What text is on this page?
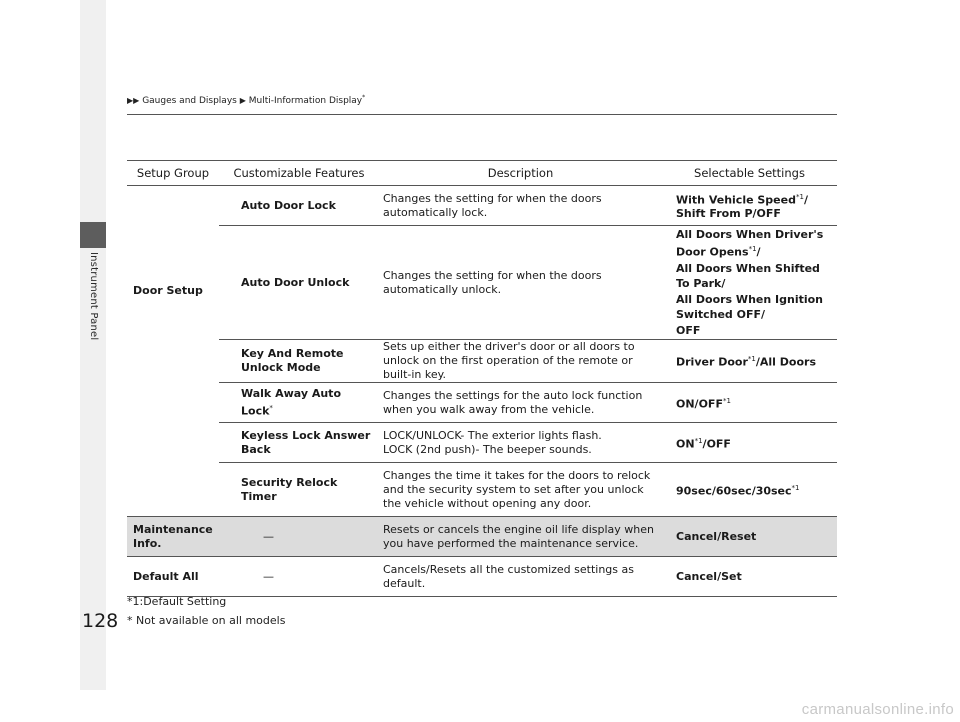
Instrument Panel
128
▶▶ Gauges and Displays ▶ Multi-Information Display*
Setup Group	Customizable Features	Description	Selectable Settings
Door Setup	Auto Door Lock	Changes the setting for when the doors automatically lock.	With Vehicle Speed$^{*1}$/
Shift From P/OFF
	Auto Door Unlock	Changes the setting for when the doors automatically unlock.	All Doors When Driver's Door Opens$^{*1}$/
All Doors When Shifted To Park/
All Doors When Ignition Switched OFF/
OFF
	Key And Remote Unlock Mode	Sets up either the driver's door or all doors to unlock on the first operation of the remote or built-in key.	Driver Door$^{*1}$/All Doors
	Walk Away Auto Lock*	Changes the settings for the auto lock function when you walk away from the vehicle.	ON/OFF$^{*1}$
	Keyless Lock Answer Back	LOCK/UNLOCK- The exterior lights flash.
LOCK (2nd push)- The beeper sounds.	ON$^{*1}$/OFF
	Security Relock Timer	Changes the time it takes for the doors to relock and the security system to set after you unlock the vehicle without opening any door.	$90\sec/60\sec/30\sec^{*1}$
Maintenance Info.	—	Resets or cancels the engine oil life display when you have performed the maintenance service.	Cancel/Reset
Default All	—	Cancels/Resets all the customized settings as default.	Cancel/Set
*1:Default Setting
* Not available on all models
carmanualsonline.info
